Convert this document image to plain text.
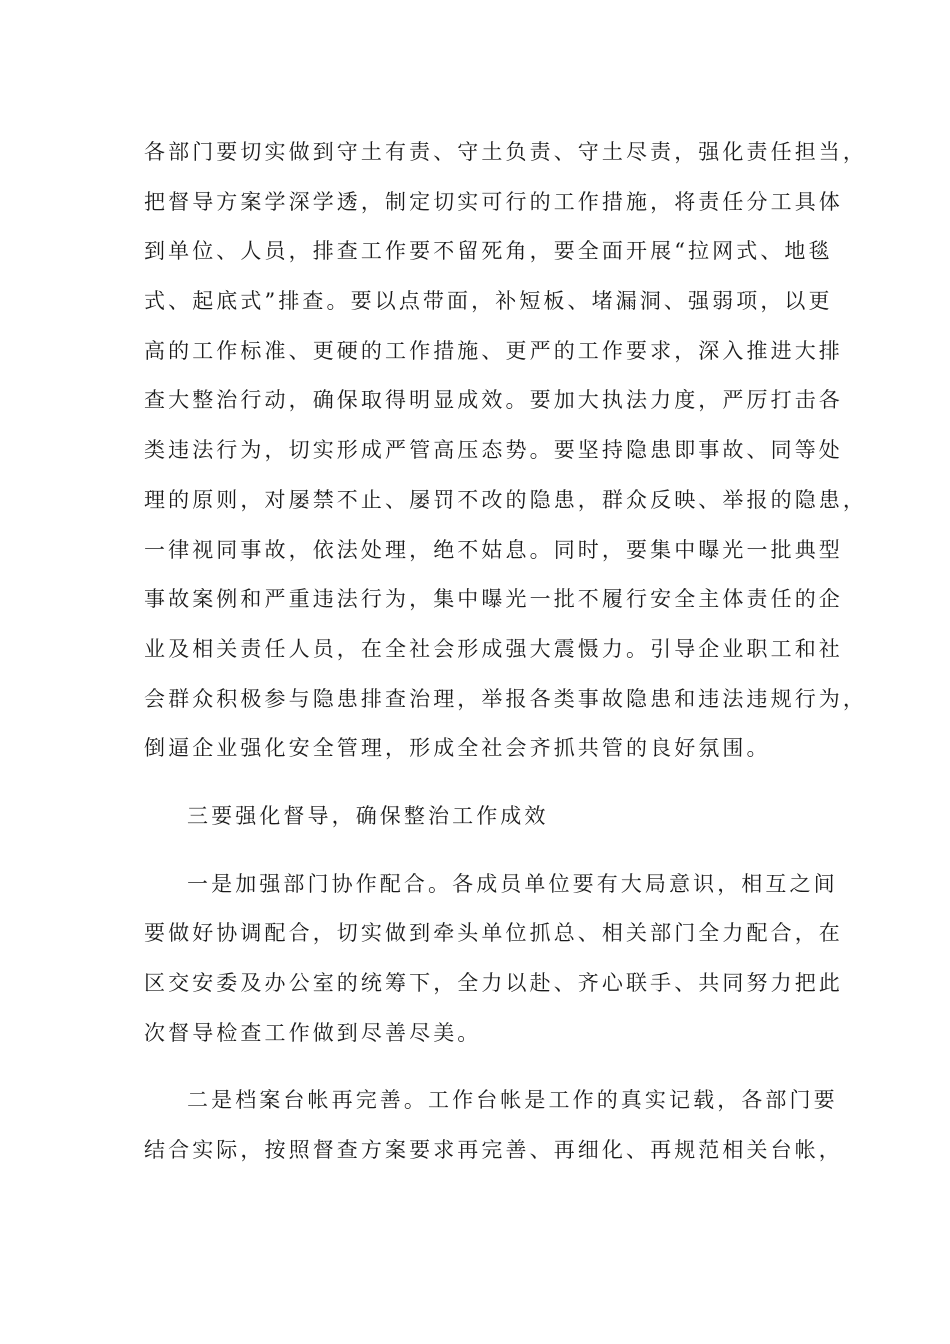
各部门要切实做到守土有责、守土负责、守土尽责，强化责任担当，
把督导方案学深学透，制定切实可行的工作措施，将责任分工具体
到单位、人员，排查工作要不留死角，要全面开展“拉网式、地毯
式、起底式”排查。要以点带面，补短板、堵漏洞、强弱项，以更
高的工作标准、更硬的工作措施、更严的工作要求，深入推进大排
查大整治行动，确保取得明显成效。要加大执法力度，严厉打击各
类违法行为，切实形成严管高压态势。要坚持隐患即事故、同等处
理的原则，对屡禁不止、屡罚不改的隐患，群众反映、举报的隐患，
一律视同事故，依法处理，绝不姑息。同时，要集中曝光一批典型
事故案例和严重违法行为，集中曝光一批不履行安全主体责任的企
业及相关责任人员，在全社会形成强大震慑力。引导企业职工和社
会群众积极参与隐患排查治理，举报各类事故隐患和违法违规行为，
倒逼企业强化安全管理，形成全社会齐抓共管的良好氛围。
三要强化督导，确保整治工作成效
一是加强部门协作配合。各成员单位要有大局意识，相互之间
要做好协调配合，切实做到牵头单位抓总、相关部门全力配合，在
区交安委及办公室的统筹下，全力以赴、齐心联手、共同努力把此
次督导检查工作做到尽善尽美。
二是档案台帐再完善。工作台帐是工作的真实记载，各部门要
结合实际，按照督查方案要求再完善、再细化、再规范相关台帐，
